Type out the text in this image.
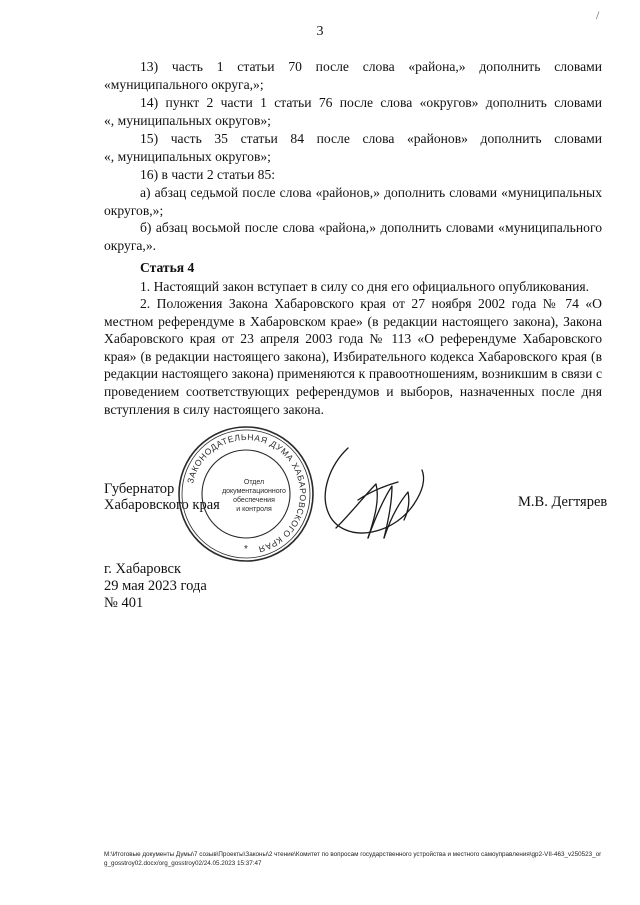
3
/

13) часть 1 статьи 70 после слова «района,» дополнить словами

«муниципального округа,»;

14) пункт 2 части 1 статьи 76 после слова «округов» дополнить словами

«, муниципальных округов»;

15) часть 35 статьи 84 после слова «районов» дополнить словами

«, муниципальных округов»;

16) в части 2 статьи 85:

а) абзац седьмой после слова «районов,» дополнить словами «муниципальных округов,»;

б) абзац восьмой после слова «района,» дополнить словами «муниципального округа,».

Статья 4

1. Настоящий закон вступает в силу со дня его официального опубликования.

2. Положения Закона Хабаровского края от 27 ноября 2002 года № 74 «О местном референдуме в Хабаровском крае» (в редакции настоящего закона), Закона Хабаровского края от 23 апреля 2003 года № 113 «О референдуме Хабаровского края» (в редакции настоящего закона), Избирательного кодекса Хабаровского края (в редакции настоящего закона) применяются к правоотношениям, возникшим в связи с проведением соответствующих референдумов и выборов, назначенных после дня вступления в силу настоящего закона.

Губернатор
Хабаровского края	М.В. Дегтярев
ЗАКОНОДАТЕЛЬНАЯ ДУМА ХАБАРОВСКОГО КРАЯ
Отдел
документационного
обеспечения
и контроля
*
г. Хабаровск
29 мая 2023 года
№ 401
M:\Итоговые документы Думы\7 созыв\Проекты\Законы\2 чтение\Комитет по вопросам государственного устройства и местного самоуправления\gp2-VII-463_v250523_org_gosstroy02.docx/org_gosstroy02/24.05.2023 15:37:47
